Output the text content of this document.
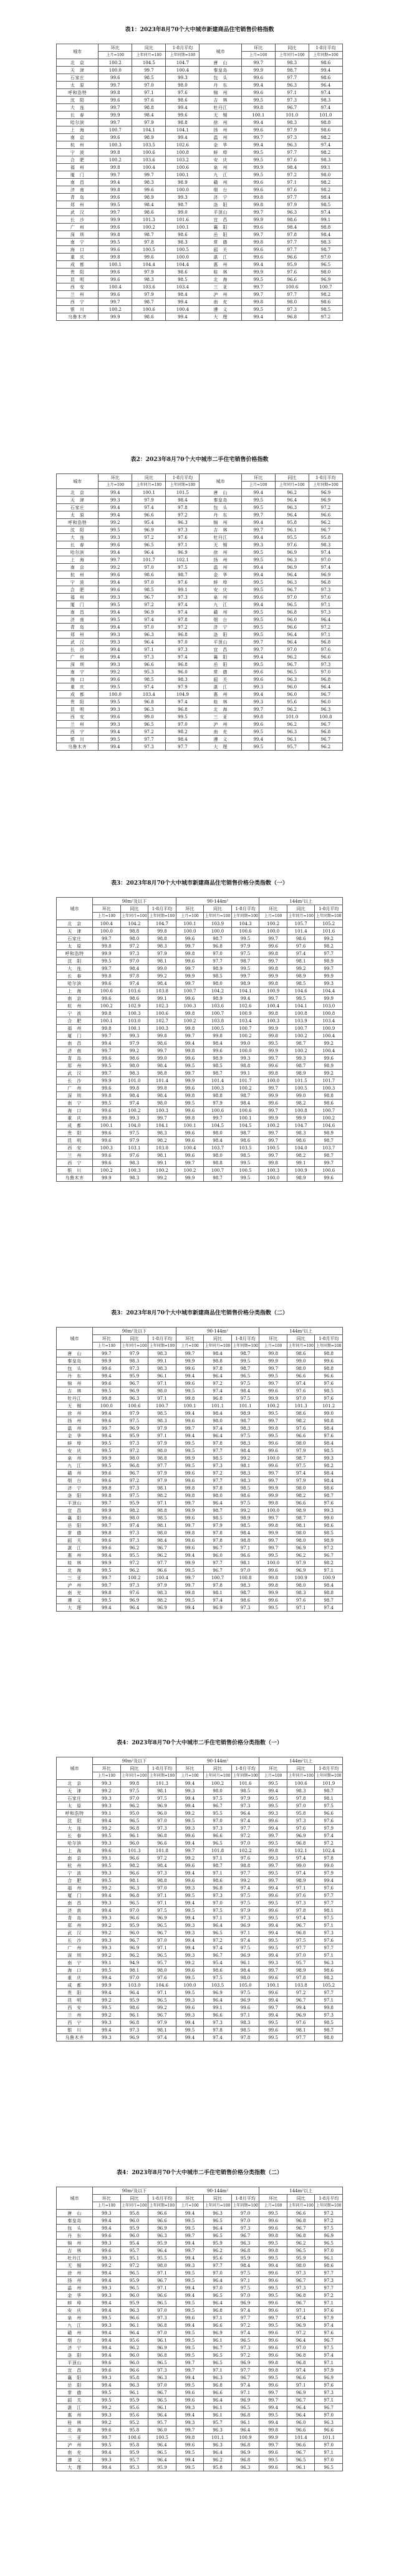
表1：2023年8月70个大中城市新建商品住宅销售价格指数
城市	环比	同比	1-8月平均	城市	环比	同比	1-8月平均
	上月=100	上年同月=100	上年同期=100		上月=100	上年同月=100	上年同期=100
北　京	100.2	104.5	104.7	唐　山	99.7	98.3	98.6
天　津	100.0	99.7	100.4	秦皇岛	99.9	98.7	99.4
石家庄	99.6	98.5	99.3	包　头	99.6	97.7	98.6
太　原	99.7	97.0	98.0	丹　东	99.4	96.3	96.4
呼和浩特	99.8	97.1	97.6	锦　州	99.6	97.1	97.4
沈　阳	99.6	97.6	98.6	吉　林	99.5	97.3	98.3
大　连	99.7	98.8	99.4	牡丹江	99.8	96.7	97.4
长　春	99.9	98.4	99.6	无　锡	100.1	101.0	101.0
哈尔滨	99.7	97.9	98.8	徐　州	99.4	98.3	98.8
上　海	100.7	104.1	104.1	扬　州	99.6	97.9	98.6
南　京	99.6	98.9	99.4	温　州	99.7	97.3	98.2
杭　州	100.3	103.5	102.6	金　华	99.4	96.3	97.4
宁　波	99.8	100.6	100.8	蚌　埠	99.5	97.7	98.2
合　肥	100.2	103.6	103.2	安　庆	99.5	97.6	98.3
福　州	99.8	100.4	100.6	泉　州	99.9	98.4	99.1
厦　门	99.7	99.7	100.1	九　江	99.5	97.2	98.0
南　昌	99.4	98.3	98.9	赣　州	99.6	97.1	98.2
济　南	99.8	99.6	100.0	烟　台	99.6	97.6	98.2
青　岛	99.6	98.9	99.3	济　宁	99.8	97.7	98.4
郑　州	99.5	98.4	98.7	洛　阳	99.8	97.9	98.5
武　汉	99.7	98.6	99.0	平顶山	99.7	96.3	97.4
长　沙	99.9	101.3	101.6	宜　昌	99.9	98.6	99.1
广　州	99.6	100.2	100.1	襄　阳	99.6	98.4	98.8
深　圳	99.8	98.7	98.6	岳　阳	99.7	97.8	98.4
南　宁	99.5	97.8	98.3	常　德	99.8	97.7	98.3
海　口	99.6	100.5	100.5	韶　关	99.6	97.7	98.7
重　庆	99.8	99.6	100.0	湛　江	99.6	96.6	97.0
成　都	100.1	104.4	104.4	惠　州	99.4	95.9	96.5
贵　阳	99.6	97.9	98.6	桂　林	99.9	97.6	98.0
昆　明	99.6	98.3	98.5	北　海	99.5	96.6	96.9
西　安	100.4	103.6	103.4	三　亚	99.7	100.6	100.7
兰　州	99.6	97.9	98.4	泸　州	99.7	97.7	98.2
西　宁	99.7	98.7	99.4	南　充	99.8	98.0	98.6
银　川	100.2	100.6	100.4	遵　义	99.5	97.3	98.5
乌鲁木齐	99.9	98.6	99.4	大　理	99.4	96.8	97.2
表2：2023年8月70个大中城市二手住宅销售价格指数
城市	环比	同比	1-8月平均	城市	环比	同比	1-8月平均
	上月=100	上年同月=100	上年同期=100		上月=100	上年同月=100	上年同期=100
北　京	99.4	100.1	101.5	唐　山	99.4	96.2	96.9
天　津	99.3	97.9	98.4	秦皇岛	99.5	96.4	96.9
石家庄	99.4	97.4	97.8	包　头	99.5	96.3	97.2
太　原	99.4	96.6	97.2	丹　东	99.7	96.4	96.6
呼和浩特	99.2	95.4	96.3	锦　州	99.4	95.8	96.2
沈　阳	99.5	96.9	97.3	吉　林	99.7	96.1	96.7
大　连	99.3	97.2	97.6	牡丹江	99.4	95.5	95.8
长　春	99.6	96.5	97.1	无　锡	99.3	97.6	98.3
哈尔滨	99.4	96.4	96.9	徐　州	99.5	96.9	97.4
上　海	99.7	101.7	102.1	扬　州	99.5	96.3	97.0
南　京	99.2	97.0	97.5	温　州	99.4	96.9	97.4
杭　州	99.6	98.6	98.7	金　华	99.4	96.4	96.9
宁　波	99.4	97.0	97.6	蚌　埠	99.5	96.3	96.8
合　肥	99.6	98.5	99.1	安　庆	99.5	96.7	97.3
福　州	99.3	96.7	97.3	泉　州	99.6	97.0	97.6
厦　门	99.5	97.2	97.4	九　江	99.4	96.5	97.1
南　昌	99.4	96.9	97.4	赣　州	99.5	96.8	97.3
济　南	99.5	97.4	97.8	烟　台	99.5	96.0	96.4
青　岛	99.4	97.0	97.2	济　宁	99.5	96.6	97.2
郑　州	99.3	96.3	96.8	洛　阳	99.5	96.4	97.1
武　汉	99.3	96.4	97.0	平顶山	99.7	96.4	96.8
长　沙	99.4	97.1	97.3	宜　昌	99.7	97.0	97.6
广　州	99.4	97.3	97.4	襄　阳	99.4	96.2	96.6
深　圳	99.3	96.6	96.8	岳　阳	99.5	96.7	97.3
南　宁	99.2	95.3	96.0	常　德	99.6	96.5	97.0
海　口	99.6	98.5	98.3	韶　关	99.6	96.3	96.8
重　庆	99.5	97.4	97.9	湛　江	99.3	96.0	96.4
成　都	100.0	103.4	104.9	惠　州	99.4	96.0	96.7
贵　阳	99.5	96.8	97.4	桂　林	99.3	95.6	96.0
昆　明	99.3	96.3	96.8	北　海	99.7	96.2	96.3
西　安	99.6	99.0	99.5	三　亚	99.8	101.0	100.8
兰　州	99.3	96.5	97.0	泸　州	99.6	96.2	96.7
西　宁	99.4	97.2	98.2	南　充	99.5	96.3	96.8
银　川	99.5	97.7	98.4	遵　义	99.4	96.1	96.7
乌鲁木齐	99.4	97.3	97.7	大　理	99.5	95.7	96.2
表3：2023年8月70个大中城市新建商品住宅销售价格分类指数（一）
城市	90m²及以下			90-144m²			144m²以上		
	环比	同比	1-8月平均	环比	同比	1-8月平均	环比	同比	1-8月平均
	上月=100	上年同月=100	上年同期=100	上月=100	上年同月=100	上年同期=100	上月=100	上年同月=100	上年同期=100
北　京	100.4	104.2	104.7	100.1	103.9	104.3	100.2	105.7	105.2
天　津	100.0	98.8	99.8	100.0	100.0	100.6	100.0	101.4	101.6
石家庄	99.7	98.0	98.8	99.6	98.7	99.5	99.7	98.6	99.2
太　原	99.8	97.2	98.3	99.7	96.8	97.9	99.6	97.6	98.2
呼和浩特	99.9	97.3	97.9	99.8	97.0	97.5	99.8	97.4	97.7
沈　阳	99.5	97.0	98.1	99.6	97.7	98.7	99.7	98.1	98.9
大　连	99.7	98.4	99.0	99.7	98.9	99.5	99.8	99.2	99.7
长　春	99.8	97.8	99.2	99.9	98.5	99.7	99.9	98.9	99.9
哈尔滨	99.6	97.4	98.4	99.7	98.0	98.9	99.8	98.5	99.3
上　海	100.6	103.6	103.8	100.7	104.2	104.1	100.9	104.6	104.4
南　京	99.6	98.6	99.1	99.6	98.9	99.4	99.7	99.5	99.9
杭　州	100.2	102.9	102.3	100.3	103.6	102.6	100.4	104.1	103.0
宁　波	99.8	100.3	100.6	99.8	100.7	100.9	99.8	100.8	100.8
合　肥	100.1	103.0	102.7	100.2	103.8	103.4	100.3	103.9	103.4
福　州	99.8	100.1	100.3	99.8	100.5	100.7	99.9	100.7	100.9
厦　门	99.7	99.3	99.8	99.7	99.8	100.2	99.8	100.2	100.4
南　昌	99.4	97.9	98.6	99.4	98.4	99.0	99.5	98.7	99.2
济　南	99.7	99.2	99.7	99.8	99.6	100.0	99.9	100.2	100.4
青　岛	99.6	98.6	99.0	99.6	98.9	99.3	99.7	99.3	99.6
郑　州	99.5	98.0	98.4	99.5	98.5	98.8	99.6	98.7	98.9
武　汉	99.7	98.3	98.8	99.7	98.7	99.1	99.8	98.9	99.2
长　沙	99.9	101.0	101.4	99.9	101.4	101.7	100.0	101.5	101.7
广　州	99.6	99.8	99.8	99.6	100.3	100.2	99.7	100.5	100.3
深　圳	99.8	98.4	98.4	99.8	98.8	98.7	99.9	99.0	98.8
南　宁	99.5	97.4	98.0	99.5	97.9	98.4	99.6	98.2	98.6
海　口	99.6	100.2	100.3	99.6	100.6	100.6	99.7	100.8	100.7
重　庆	99.8	99.3	99.7	99.8	99.7	100.1	99.9	99.9	100.2
成　都	100.1	104.0	104.1	100.1	104.5	104.5	100.2	104.7	104.6
贵　阳	99.6	97.5	98.3	99.6	98.0	98.7	99.7	98.3	98.9
昆　明	99.6	97.9	98.2	99.6	98.4	98.6	99.7	98.6	98.7
西　安	100.3	103.1	103.0	100.4	103.7	103.5	100.5	104.0	103.7
兰　州	99.6	97.6	98.1	99.6	98.0	98.5	99.7	98.2	98.7
西　宁	99.6	98.3	99.1	99.7	98.8	99.5	99.8	99.1	99.7
银　川	100.2	100.3	100.2	100.2	100.7	100.5	100.3	100.9	100.6
乌鲁木齐	99.9	98.3	99.2	99.9	98.7	99.5	100.0	98.9	99.6
表3：2023年8月70个大中城市新建商品住宅销售价格分类指数（二）
城市	90m²及以下			90-144m²			144m²以上		
	环比	同比	1-8月平均	环比	同比	1-8月平均	环比	同比	1-8月平均
	上月=100	上年同月=100	上年同期=100	上月=100	上年同月=100	上年同期=100	上月=100	上年同月=100	上年同期=100
唐　山	99.7	97.9	98.3	99.7	98.4	98.7	99.8	98.6	98.8
秦皇岛	99.9	98.3	99.1	99.9	98.8	99.5	99.9	99.0	99.6
包　头	99.6	97.3	98.3	99.6	97.8	98.7	99.7	98.0	98.8
丹　东	99.4	95.9	96.1	99.4	96.4	96.5	99.5	96.6	96.6
锦　州	99.6	96.7	97.1	99.6	97.2	97.5	99.7	97.4	97.6
吉　林	99.5	96.9	98.0	99.5	97.4	98.4	99.6	97.6	98.5
牡丹江	99.8	96.3	97.1	99.8	96.8	97.5	99.9	97.0	97.6
无　锡	100.0	100.6	100.7	100.1	101.1	101.1	100.2	101.3	101.2
徐　州	99.4	97.9	98.5	99.4	98.4	98.9	99.5	98.6	99.0
扬　州	99.6	97.5	98.3	99.6	98.0	98.7	99.7	98.2	98.8
温　州	99.7	96.9	97.9	99.7	97.4	98.3	99.8	97.6	98.4
金　华	99.4	95.9	97.1	99.4	96.4	97.5	99.5	96.6	97.6
蚌　埠	99.5	97.3	97.9	99.5	97.8	98.3	99.6	98.0	98.4
安　庆	99.5	97.2	98.0	99.5	97.7	98.4	99.6	97.9	98.5
泉　州	99.9	98.0	98.8	99.9	98.5	99.2	100.0	98.7	99.3
九　江	99.5	96.8	97.7	99.5	97.3	98.1	99.6	97.5	98.2
赣　州	99.6	96.7	97.9	99.6	97.2	98.3	99.7	97.4	98.4
烟　台	99.6	97.2	97.9	99.6	97.7	98.3	99.7	97.9	98.4
济　宁	99.8	97.3	98.1	99.8	97.8	98.5	99.9	98.0	98.6
洛　阳	99.8	97.5	98.2	99.8	98.0	98.6	99.9	98.2	98.7
平顶山	99.7	95.9	97.1	99.7	96.4	97.5	99.8	96.6	97.6
宜　昌	99.9	98.2	98.8	99.9	98.7	99.2	100.0	98.9	99.3
襄　阳	99.6	98.0	98.5	99.6	98.5	98.9	99.7	98.7	99.0
岳　阳	99.7	97.4	98.1	99.7	97.9	98.5	99.8	98.1	98.6
常　德	99.8	97.3	98.0	99.8	97.8	98.4	99.9	98.0	98.5
韶　关	99.6	97.3	98.4	99.6	97.8	98.8	99.7	98.0	98.9
湛　江	99.6	96.2	96.7	99.6	96.7	97.1	99.7	96.9	97.2
惠　州	99.4	95.5	96.2	99.4	96.0	96.6	99.5	96.2	96.7
桂　林	99.9	97.2	97.7	99.9	97.7	98.1	100.0	97.9	98.2
北　海	99.5	96.2	96.6	99.5	96.7	97.0	99.6	96.9	97.1
三　亚	99.7	100.2	100.4	99.7	100.7	100.8	99.8	100.9	100.9
泸　州	99.7	97.3	97.9	99.7	97.8	98.3	99.8	98.0	98.4
南　充	99.8	97.6	98.3	99.8	98.1	98.7	99.9	98.3	98.8
遵　义	99.5	96.9	98.2	99.5	97.4	98.6	99.6	97.6	98.7
大　理	99.4	96.4	96.9	99.4	96.9	97.3	99.5	97.1	97.4
表4：2023年8月70个大中城市二手住宅销售价格分类指数（一）
城市	90m²及以下			90-144m²			144m²以上		
	环比	同比	1-8月平均	环比	同比	1-8月平均	环比	同比	1-8月平均
	上月=100	上年同月=100	上年同期=100	上月=100	上年同月=100	上年同期=100	上月=100	上年同月=100	上年同期=100
北　京	99.3	99.8	101.3	99.4	100.2	101.6	99.5	100.6	101.9
天　津	99.2	97.5	98.1	99.3	98.0	98.5	99.4	98.3	98.7
石家庄	99.3	97.0	97.5	99.4	97.5	97.9	99.5	97.8	98.1
太　原	99.3	96.2	96.9	99.4	96.7	97.3	99.5	97.0	97.5
呼和浩特	99.1	95.0	96.0	99.2	95.5	96.4	99.3	95.8	96.6
沈　阳	99.4	96.5	97.0	99.5	97.0	97.4	99.6	97.3	97.6
大　连	99.2	96.8	97.3	99.3	97.3	97.7	99.4	97.6	97.9
长　春	99.5	96.1	96.8	99.6	96.6	97.2	99.7	96.9	97.4
哈尔滨	99.3	96.0	96.6	99.4	96.5	97.0	99.5	96.8	97.2
上　海	99.6	101.3	101.8	99.7	101.8	102.2	99.8	102.1	102.4
南　京	99.1	96.6	97.2	99.2	97.1	97.6	99.3	97.4	97.8
杭　州	99.5	98.2	98.4	99.6	98.7	98.8	99.7	99.0	99.0
宁　波	99.3	96.6	97.3	99.4	97.1	97.7	99.5	97.4	97.9
合　肥	99.5	98.1	98.8	99.6	98.6	99.2	99.7	98.9	99.4
福　州	99.2	96.3	97.0	99.3	96.8	97.4	99.4	97.1	97.6
厦　门	99.4	96.8	97.1	99.5	97.3	97.5	99.6	97.6	97.7
南　昌	99.3	96.5	97.1	99.4	97.0	97.5	99.5	97.3	97.7
济　南	99.4	97.0	97.5	99.5	97.5	97.9	99.6	97.8	98.1
青　岛	99.3	96.6	96.9	99.4	97.1	97.3	99.5	97.4	97.5
郑　州	99.2	95.9	96.5	99.3	96.4	96.9	99.4	96.7	97.1
武　汉	99.2	96.0	96.7	99.3	96.5	97.1	99.4	96.8	97.3
长　沙	99.3	96.7	97.0	99.4	97.2	97.4	99.5	97.5	97.6
广　州	99.3	96.9	97.1	99.4	97.4	97.5	99.5	97.7	97.7
深　圳	99.2	96.2	96.5	99.3	96.7	96.9	99.4	97.0	97.1
南　宁	99.1	94.9	95.7	99.2	95.4	96.1	99.3	95.7	96.3
海　口	99.5	98.1	98.0	99.6	98.6	98.4	99.7	98.9	98.6
重　庆	99.4	97.0	97.6	99.5	97.5	98.0	99.6	97.8	98.2
成　都	99.9	103.0	104.6	100.0	103.5	105.0	100.1	103.8	105.2
贵　阳	99.4	96.4	97.1	99.5	96.9	97.5	99.6	97.2	97.7
昆　明	99.2	95.9	96.5	99.3	96.4	96.9	99.4	96.7	97.1
西　安	99.5	98.6	99.2	99.6	99.1	99.6	99.7	99.4	99.8
兰　州	99.2	96.1	96.7	99.3	96.6	97.1	99.4	96.9	97.3
西　宁	99.3	96.8	97.9	99.4	97.3	98.3	99.5	97.6	98.5
银　川	99.4	97.3	98.1	99.5	97.8	98.5	99.6	98.1	98.7
乌鲁木齐	99.3	96.9	97.4	99.4	97.4	97.8	99.5	97.7	98.0
表4：2023年8月70个大中城市二手住宅销售价格分类指数（二）
城市	90m²及以下			90-144m²			144m²以上		
	环比	同比	1-8月平均	环比	同比	1-8月平均	环比	同比	1-8月平均
	上月=100	上年同月=100	上年同期=100	上月=100	上年同月=100	上年同期=100	上月=100	上年同月=100	上年同期=100
唐　山	99.3	95.8	96.6	99.4	96.3	97.0	99.5	96.6	97.2
秦皇岛	99.4	96.0	96.6	99.5	96.5	97.0	99.6	96.8	97.2
包　头	99.4	95.9	96.9	99.5	96.4	97.3	99.6	96.7	97.5
丹　东	99.6	96.0	96.3	99.7	96.5	96.7	99.8	96.8	96.9
锦　州	99.3	95.4	95.9	99.4	95.9	96.3	99.5	96.2	96.5
吉　林	99.6	95.7	96.4	99.7	96.2	96.8	99.8	96.5	97.0
牡丹江	99.3	95.1	95.5	99.4	95.6	95.9	99.5	95.9	96.1
无　锡	99.2	97.2	98.0	99.3	97.7	98.4	99.4	98.0	98.6
徐　州	99.4	96.5	97.1	99.5	97.0	97.5	99.6	97.3	97.7
扬　州	99.4	95.9	96.7	99.5	96.4	97.1	99.6	96.7	97.3
温　州	99.3	96.5	97.1	99.4	97.0	97.5	99.5	97.3	97.7
金　华	99.3	96.0	96.6	99.4	96.5	97.0	99.5	96.8	97.2
蚌　埠	99.4	95.9	96.5	99.5	96.4	96.9	99.6	96.7	97.1
安　庆	99.4	96.3	97.0	99.5	96.8	97.4	99.6	97.1	97.6
泉　州	99.5	96.6	97.3	99.6	97.1	97.7	99.7	97.4	97.9
九　江	99.3	96.1	96.8	99.4	96.6	97.2	99.5	96.9	97.4
赣　州	99.4	96.4	97.0	99.5	96.9	97.4	99.6	97.2	97.6
烟　台	99.4	95.6	96.1	99.5	96.1	96.5	99.6	96.4	96.7
济　宁	99.4	96.2	96.9	99.5	96.7	97.3	99.6	97.0	97.5
洛　阳	99.4	96.0	96.8	99.5	96.5	97.2	99.6	96.8	97.4
平顶山	99.6	96.0	96.5	99.7	96.5	96.9	99.8	96.8	97.1
宜　昌	99.6	96.6	97.3	99.7	97.1	97.7	99.8	97.4	97.9
襄　阳	99.3	95.8	96.3	99.4	96.3	96.7	99.5	96.6	96.9
岳　阳	99.4	96.3	97.0	99.5	96.8	97.4	99.6	97.1	97.6
常　德	99.5	96.1	96.7	99.6	96.6	97.1	99.7	96.9	97.3
韶　关	99.5	95.9	96.5	99.6	96.4	96.9	99.7	96.7	97.1
湛　江	99.2	95.6	96.1	99.3	96.1	96.5	99.4	96.4	96.7
惠　州	99.3	95.6	96.4	99.4	96.1	96.8	99.5	96.4	97.0
桂　林	99.2	95.2	95.7	99.3	95.7	96.1	99.4	96.0	96.3
北　海	99.6	95.8	96.0	99.7	96.3	96.4	99.8	96.6	96.6
三　亚	99.7	100.6	100.5	99.8	101.1	100.9	99.9	101.4	101.1
泸　州	99.5	95.8	96.4	99.6	96.3	96.8	99.7	96.6	97.0
南　充	99.4	95.9	96.5	99.5	96.4	96.9	99.6	96.7	97.1
遵　义	99.3	95.7	96.4	99.4	96.2	96.8	99.5	96.5	97.0
大　理	99.4	95.3	95.9	99.5	95.8	96.3	99.6	96.1	96.5
